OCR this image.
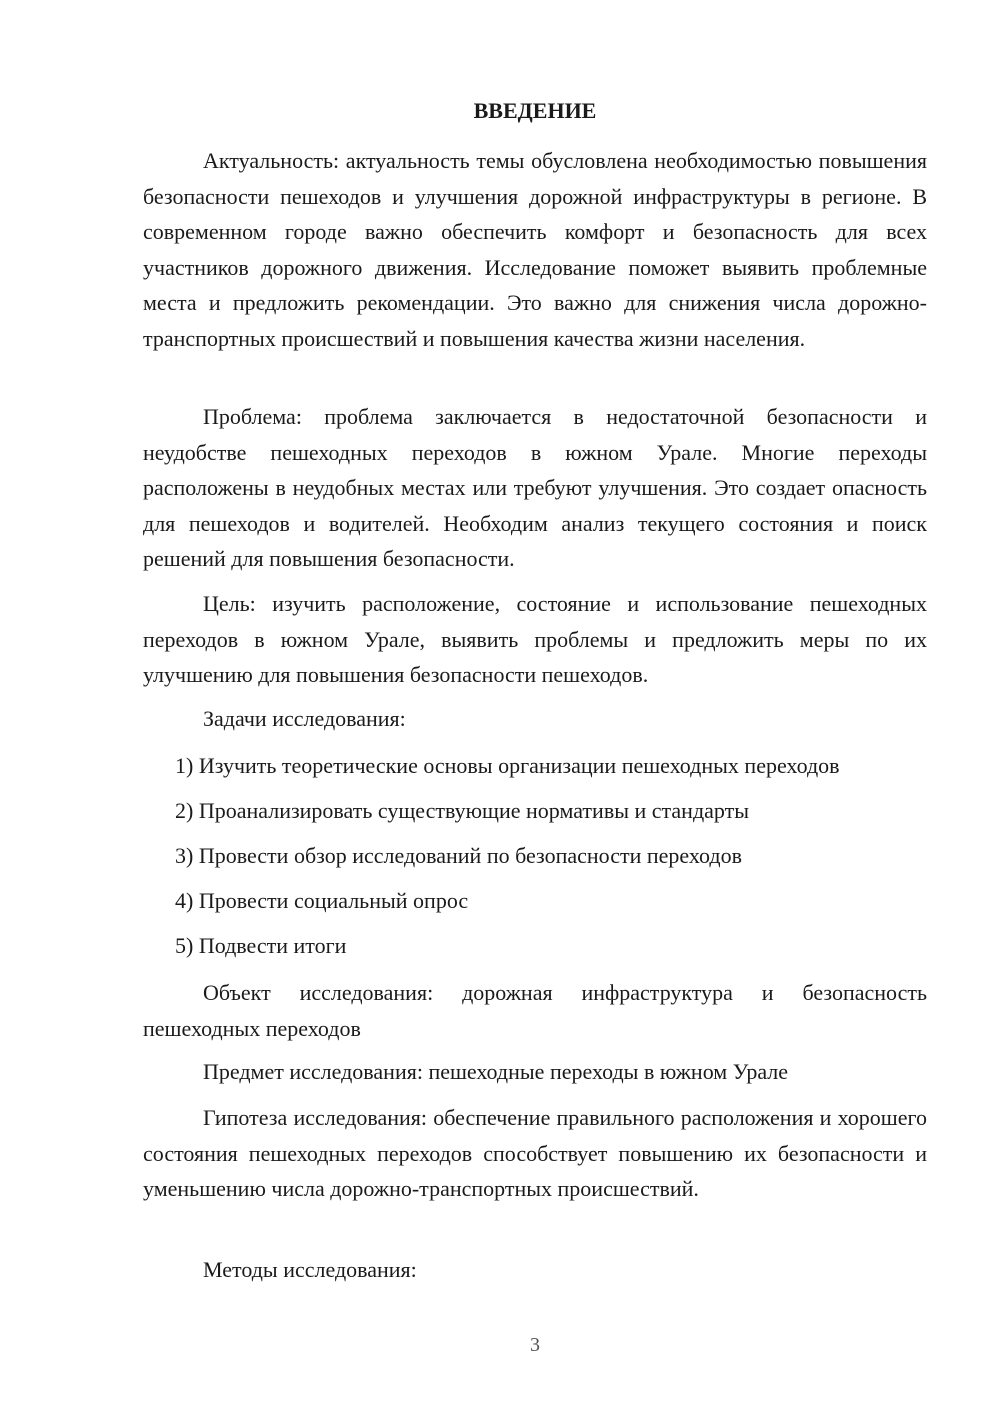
ВВЕДЕНИЕ

Актуальность: актуальность темы обусловлена необходимостью повышения безопасности пешеходов и улучшения дорожной инфраструктуры в регионе. В современном городе важно обеспечить комфорт и безопасность для всех участников дорожного движения. Исследование поможет выявить проблемные места и предложить рекомендации. Это важно для снижения числа дорожно-транспортных происшествий и повышения качества жизни населения.

Проблема: проблема заключается в недостаточной безопасности и неудобстве пешеходных переходов в южном Урале. Многие переходы расположены в неудобных местах или требуют улучшения. Это создает опасность для пешеходов и водителей. Необходим анализ текущего состояния и поиск решений для повышения безопасности.

Цель: изучить расположение, состояние и использование пешеходных переходов в южном Урале, выявить проблемы и предложить меры по их улучшению для повышения безопасности пешеходов.

Задачи исследования:

1) Изучить теоретические основы организации пешеходных переходов

2) Проанализировать существующие нормативы и стандарты

3) Провести обзор исследований по безопасности переходов

4) Провести социальный опрос

5) Подвести итоги

Объект исследования: дорожная инфраструктура и безопасность пешеходных переходов

Предмет исследования: пешеходные переходы в южном Урале

Гипотеза исследования: обеспечение правильного расположения и хорошего состояния пешеходных переходов способствует повышению их безопасности и уменьшению числа дорожно-транспортных происшествий.

Методы исследования:

3
